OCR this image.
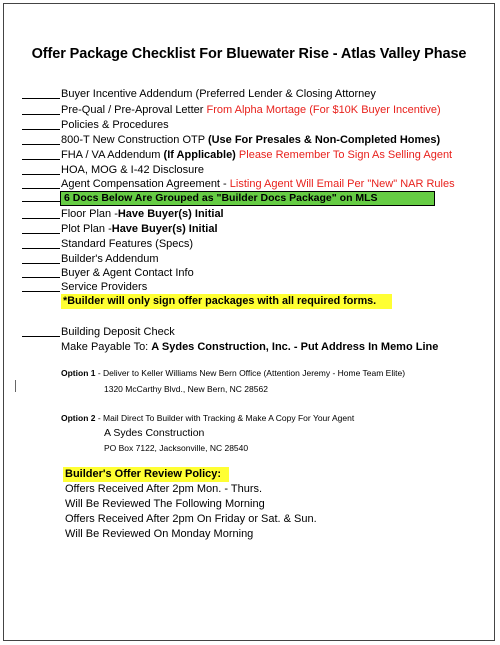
Offer Package Checklist For Bluewater Rise - Atlas Valley Phase
Buyer Incentive Addendum (Preferred Lender & Closing Attorney
Pre-Qual / Pre-Aproval Letter From Alpha Mortage (For $10K Buyer Incentive)
Policies & Procedures
800-T New Construction OTP (Use For Presales & Non-Completed Homes)
FHA / VA Addendum (If Applicable) Please Remember To Sign As Selling Agent
HOA, MOG & I-42 Disclosure
Agent Compensation Agreement - Listing Agent Will Email Per "New" NAR Rules
6 Docs Below Are Grouped as "Builder Docs Package" on MLS
Floor Plan -Have Buyer(s) Initial
Plot Plan -Have Buyer(s) Initial
Standard Features (Specs)
Builder's Addendum
Buyer & Agent Contact Info
Service Providers
*Builder will only sign offer packages with all required forms.
Building Deposit Check
Make Payable To: A Sydes Construction, Inc. - Put Address In Memo Line
Option 1 - Deliver to Keller Williams New Bern Office (Attention Jeremy - Home Team Elite)
1320 McCarthy Blvd., New Bern, NC 28562
Option 2 - Mail Direct To Builder with Tracking & Make A Copy For Your Agent
A Sydes Construction
PO Box 7122, Jacksonville, NC 28540
Builder's Offer Review Policy:
Offers Received After 2pm Mon. - Thurs.
Will Be Reviewed The Following Morning
Offers Received After 2pm On Friday or Sat. & Sun.
Will Be Reviewed On Monday Morning
